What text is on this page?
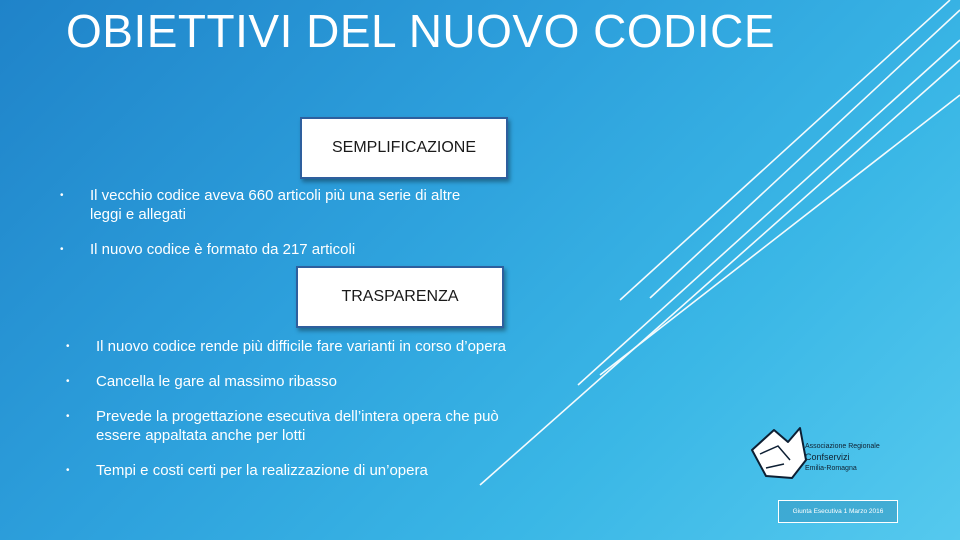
OBIETTIVI DEL NUOVO CODICE
SEMPLIFICAZIONE
• Il vecchio codice aveva 660 articoli più una serie di altre leggi e allegati
• Il nuovo codice è formato da 217 articoli
TRASPARENZA
• Il nuovo codice rende più difficile fare varianti in corso d’opera
• Cancella le gare al massimo ribasso
• Prevede la progettazione esecutiva dell’intera opera che può essere appaltata anche per lotti
• Tempi e costi certi per la realizzazione di un’opera
Associazione Regionale
Confservizi
Emilia-Romagna
Giunta Esecutiva 1 Marzo 2016
